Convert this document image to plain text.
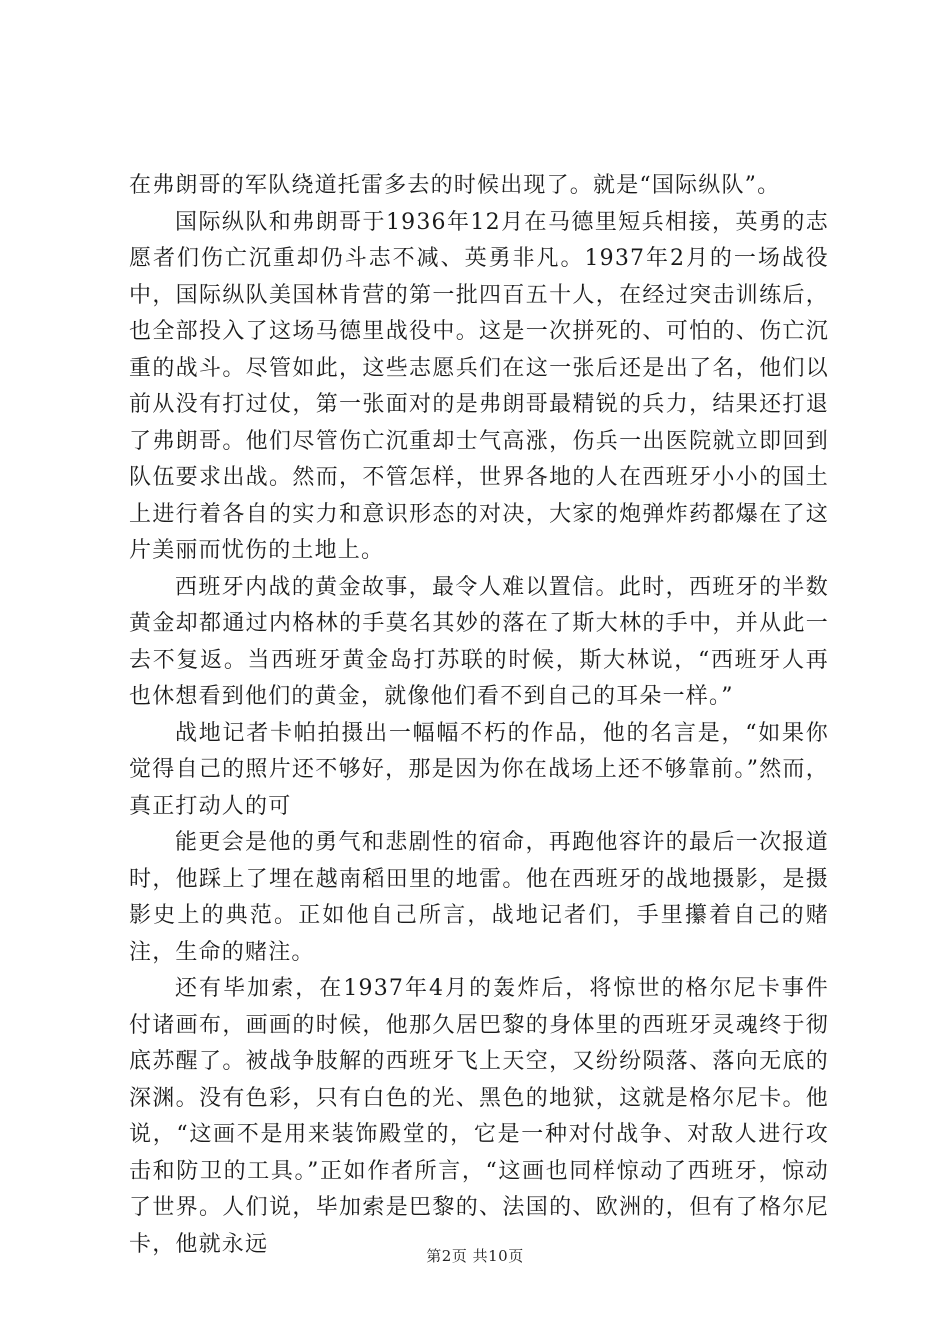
在弗朗哥的军队绕道托雷多去的时候出现了。就是“国际纵队”。

国际纵队和弗朗哥于1936年12月在马德里短兵相接，英勇的志愿者们伤亡沉重却仍斗志不减、英勇非凡。1937年2月的一场战役中，国际纵队美国林肯营的第一批四百五十人，在经过突击训练后，也全部投入了这场马德里战役中。这是一次拼死的、可怕的、伤亡沉重的战斗。尽管如此，这些志愿兵们在这一张后还是出了名，他们以前从没有打过仗，第一张面对的是弗朗哥最精锐的兵力，结果还打退了弗朗哥。他们尽管伤亡沉重却士气高涨，伤兵一出医院就立即回到队伍要求出战。然而，不管怎样，世界各地的人在西班牙小小的国土上进行着各自的实力和意识形态的对决，大家的炮弹炸药都爆在了这片美丽而忧伤的土地上。

西班牙内战的黄金故事，最令人难以置信。此时，西班牙的半数黄金却都通过内格林的手莫名其妙的落在了斯大林的手中，并从此一去不复返。当西班牙黄金岛打苏联的时候，斯大林说，“西班牙人再也休想看到他们的黄金，就像他们看不到自己的耳朵一样。”

战地记者卡帕拍摄出一幅幅不朽的作品，他的名言是，“如果你觉得自己的照片还不够好，那是因为你在战场上还不够靠前。”然而，真正打动人的可

能更会是他的勇气和悲剧性的宿命，再跑他容许的最后一次报道时，他踩上了埋在越南稻田里的地雷。他在西班牙的战地摄影，是摄影史上的典范。正如他自己所言，战地记者们，手里攥着自己的赌注，生命的赌注。

还有毕加索，在1937年4月的轰炸后，将惊世的格尔尼卡事件付诸画布，画画的时候，他那久居巴黎的身体里的西班牙灵魂终于彻底苏醒了。被战争肢解的西班牙飞上天空，又纷纷陨落、落向无底的深渊。没有色彩，只有白色的光、黑色的地狱，这就是格尔尼卡。他说，“这画不是用来装饰殿堂的，它是一种对付战争、对敌人进行攻击和防卫的工具。”正如作者所言，“这画也同样惊动了西班牙，惊动了世界。人们说，毕加索是巴黎的、法国的、欧洲的，但有了格尔尼卡，他就永远	第2页 共10页
